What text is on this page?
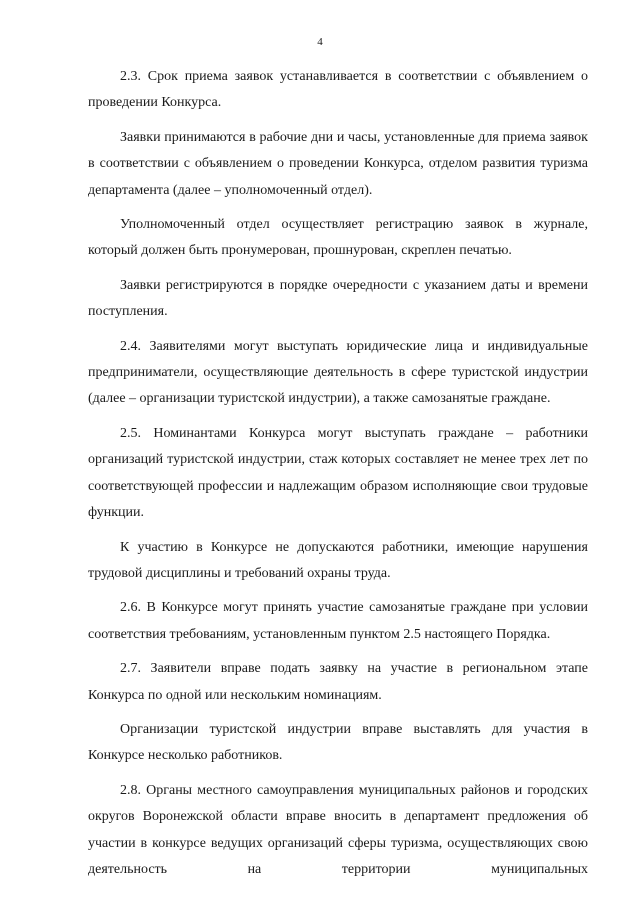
4

2.3. Срок приема заявок устанавливается в соответствии с объявлением о проведении Конкурса.

Заявки принимаются в рабочие дни и часы, установленные для приема заявок в соответствии с объявлением о проведении Конкурса, отделом развития туризма департамента (далее – уполномоченный отдел).

Уполномоченный отдел осуществляет регистрацию заявок в журнале, который должен быть пронумерован, прошнурован, скреплен печатью.

Заявки регистрируются в порядке очередности с указанием даты и времени поступления.

2.4. Заявителями могут выступать юридические лица и индивидуальные предприниматели, осуществляющие деятельность в сфере туристской индустрии (далее – организации туристской индустрии), а также самозанятые граждане.

2.5. Номинантами Конкурса могут выступать граждане – работники организаций туристской индустрии, стаж которых составляет не менее трех лет по соответствующей профессии и надлежащим образом исполняющие свои трудовые функции.

К участию в Конкурсе не допускаются работники, имеющие нарушения трудовой дисциплины и требований охраны труда.

2.6. В Конкурсе могут принять участие самозанятые граждане при условии соответствия требованиям, установленным пунктом 2.5 настоящего Порядка.

2.7. Заявители вправе подать заявку на участие в региональном этапе Конкурса по одной или нескольким номинациям.

Организации туристской индустрии вправе выставлять для участия в Конкурсе несколько работников.

2.8. Органы местного самоуправления муниципальных районов и городских округов Воронежской области вправе вносить в департамент предложения об участии в конкурсе ведущих организаций сферы туризма, осуществляющих свою деятельность на территории муниципальных
